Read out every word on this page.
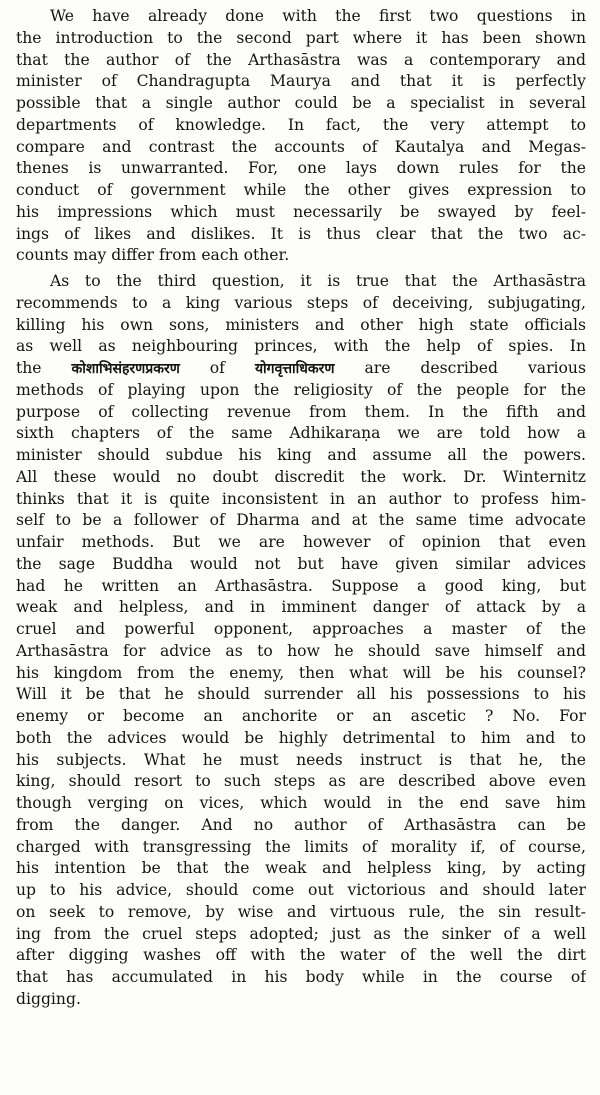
We have already done with the first two questions in
the introduction to the second part where it has been shown
that the author of the Arthasāstra was a contemporary and
minister of Chandragupta Maurya and that it is perfectly
possible that a single author could be a specialist in several
departments of knowledge. In fact, the very attempt to
compare and contrast the accounts of Kautalya and Megas-
thenes is unwarranted. For, one lays down rules for the
conduct of government while the other gives expression to
his impressions which must necessarily be swayed by feel-
ings of likes and dislikes. It is thus clear that the two ac-
counts may differ from each other.
As to the third question, it is true that the Arthasāstra
recommends to a king various steps of deceiving, subjugating,
killing his own sons, ministers and other high state officials
as well as neighbouring princes, with the help of spies. In
the कोशाभिसंहरणप्रकरण of योगवृत्ताधिकरण are described various
methods of playing upon the religiosity of the people for the
purpose of collecting revenue from them. In the fifth and
sixth chapters of the same Adhikaraṇa we are told how a
minister should subdue his king and assume all the powers.
All these would no doubt discredit the work. Dr. Winternitz
thinks that it is quite inconsistent in an author to profess him-
self to be a follower of Dharma and at the same time advocate
unfair methods. But we are however of opinion that even
the sage Buddha would not but have given similar advices
had he written an Arthasāstra. Suppose a good king, but
weak and helpless, and in imminent danger of attack by a
cruel and powerful opponent, approaches a master of the
Arthasāstra for advice as to how he should save himself and
his kingdom from the enemy, then what will be his counsel?
Will it be that he should surrender all his possessions to his
enemy or become an anchorite or an ascetic ? No. For
both the advices would be highly detrimental to him and to
his subjects. What he must needs instruct is that he, the
king, should resort to such steps as are described above even
though verging on vices, which would in the end save him
from the danger. And no author of Arthasāstra can be
charged with transgressing the limits of morality if, of course,
his intention be that the weak and helpless king, by acting
up to his advice, should come out victorious and should later
on seek to remove, by wise and virtuous rule, the sin result-
ing from the cruel steps adopted; just as the sinker of a well
after digging washes off with the water of the well the dirt
that has accumulated in his body while in the course of
digging.
